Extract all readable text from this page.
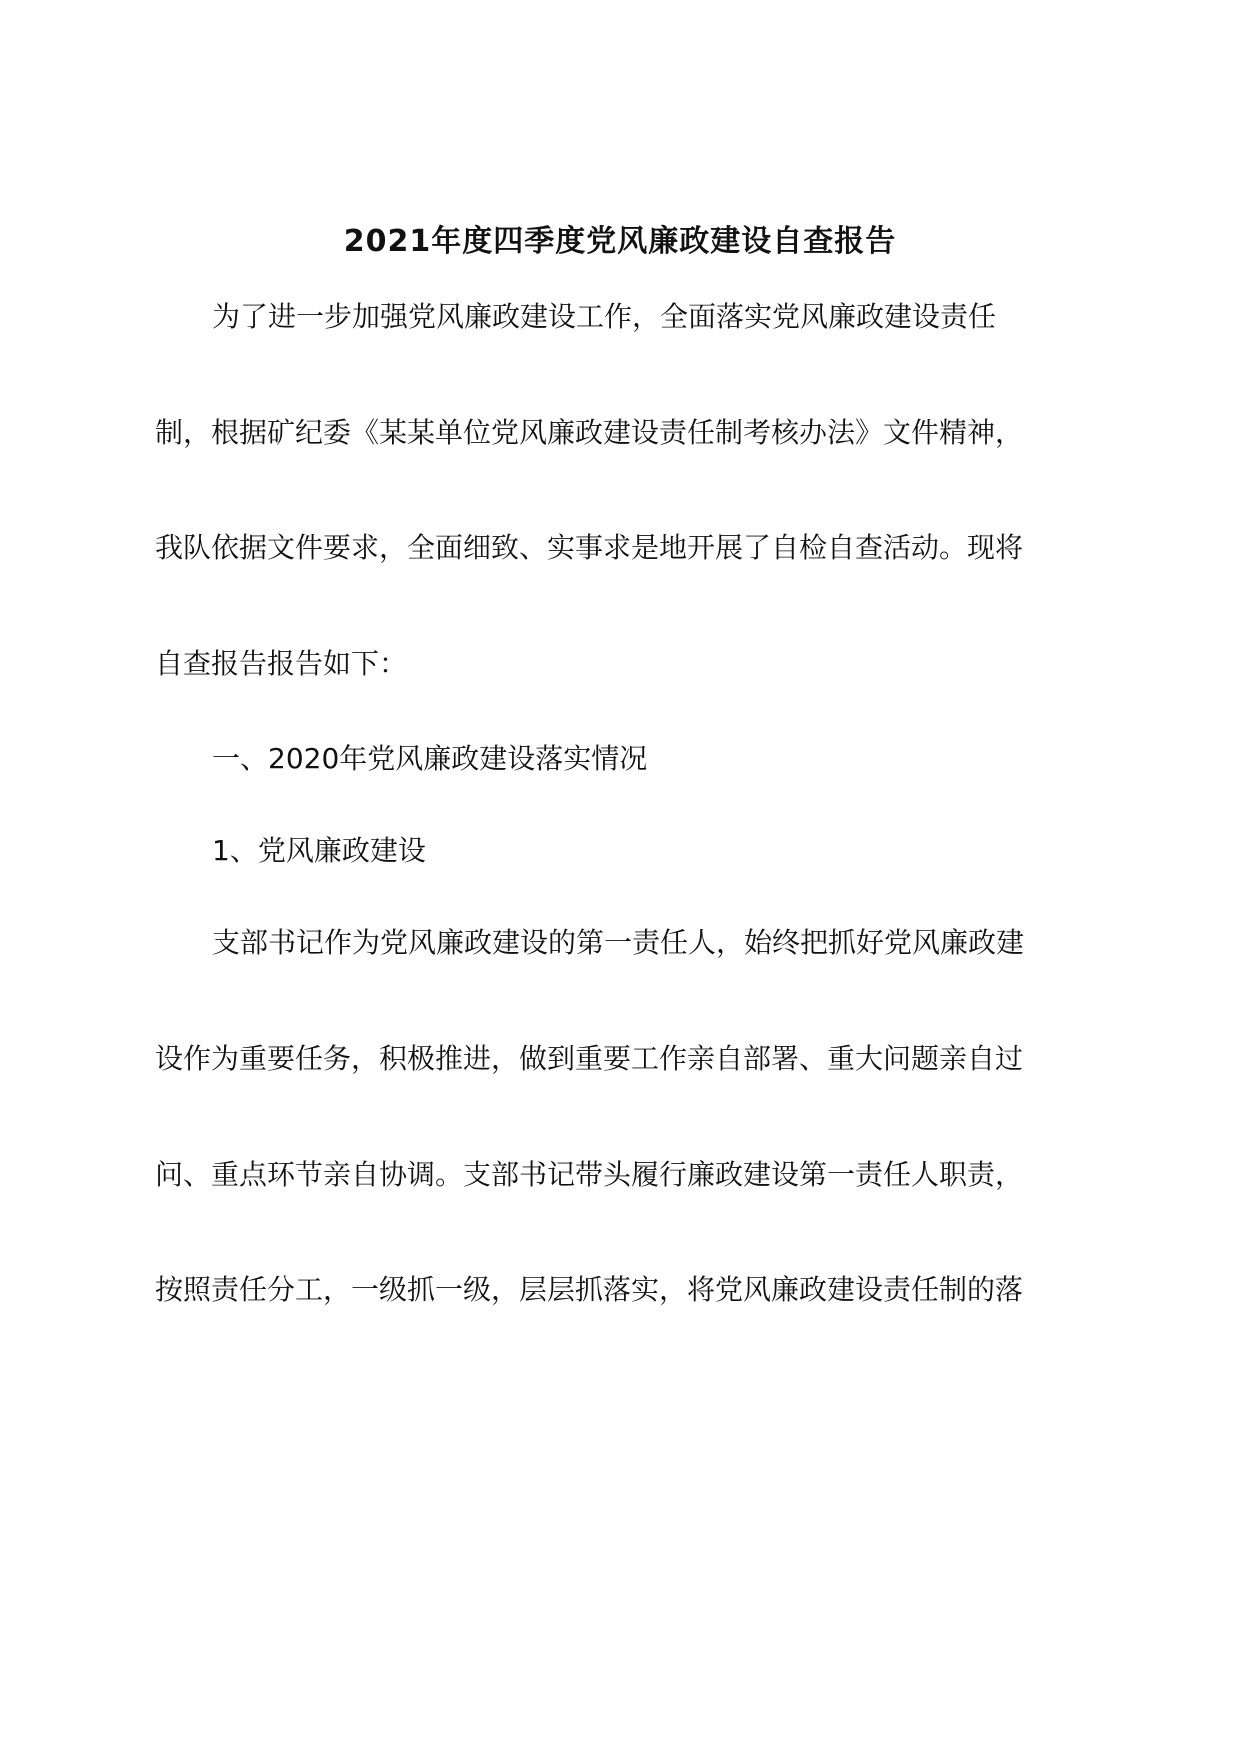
2021年度四季度党风廉政建设自查报告

为了进一步加强党风廉政建设工作，全面落实党风廉政建设责任

制，根据矿纪委《某某单位党风廉政建设责任制考核办法》文件精神，

我队依据文件要求，全面细致、实事求是地开展了自检自查活动。现将

自查报告报告如下：

一、2020年党风廉政建设落实情况

1、党风廉政建设

支部书记作为党风廉政建设的第一责任人，始终把抓好党风廉政建

设作为重要任务，积极推进，做到重要工作亲自部署、重大问题亲自过

问、重点环节亲自协调。支部书记带头履行廉政建设第一责任人职责，

按照责任分工，一级抓一级，层层抓落实，将党风廉政建设责任制的落
